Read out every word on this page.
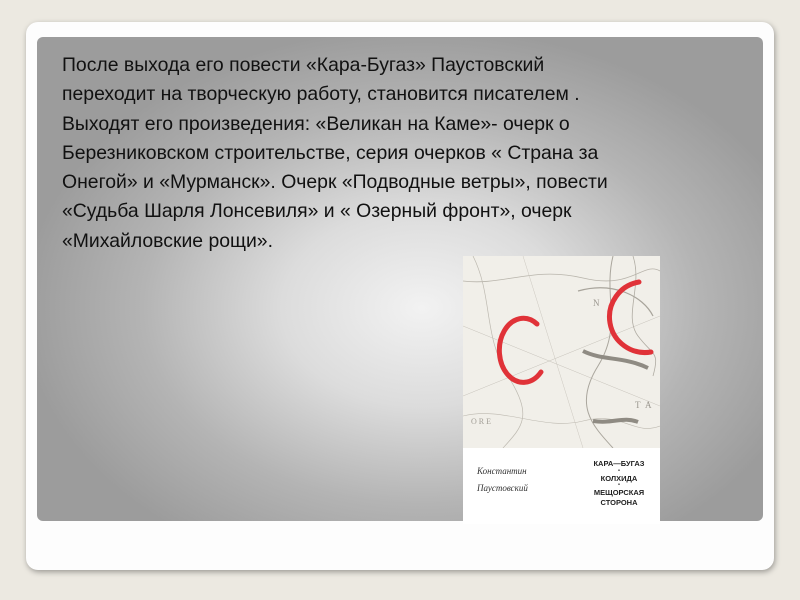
После выхода его повести «Кара-Бугаз» Паустовский
переходит на творческую работу, становится писателем .
Выходят его произведения: «Великан на Каме»- очерк о
Березниковском строительстве, серия очерков « Страна за
Онегой» и «Мурманск». Очерк «Подводные ветры», повести
«Судьба Шарля Лонсевиля» и « Озерный фронт», очерк
«Михайловские рощи».

N
T A
ORE
Константин
Паустовский
КАРА—БУГАЗ
•
КОЛХИДА
•
МЕЩОРСКАЯ
СТОРОНА
